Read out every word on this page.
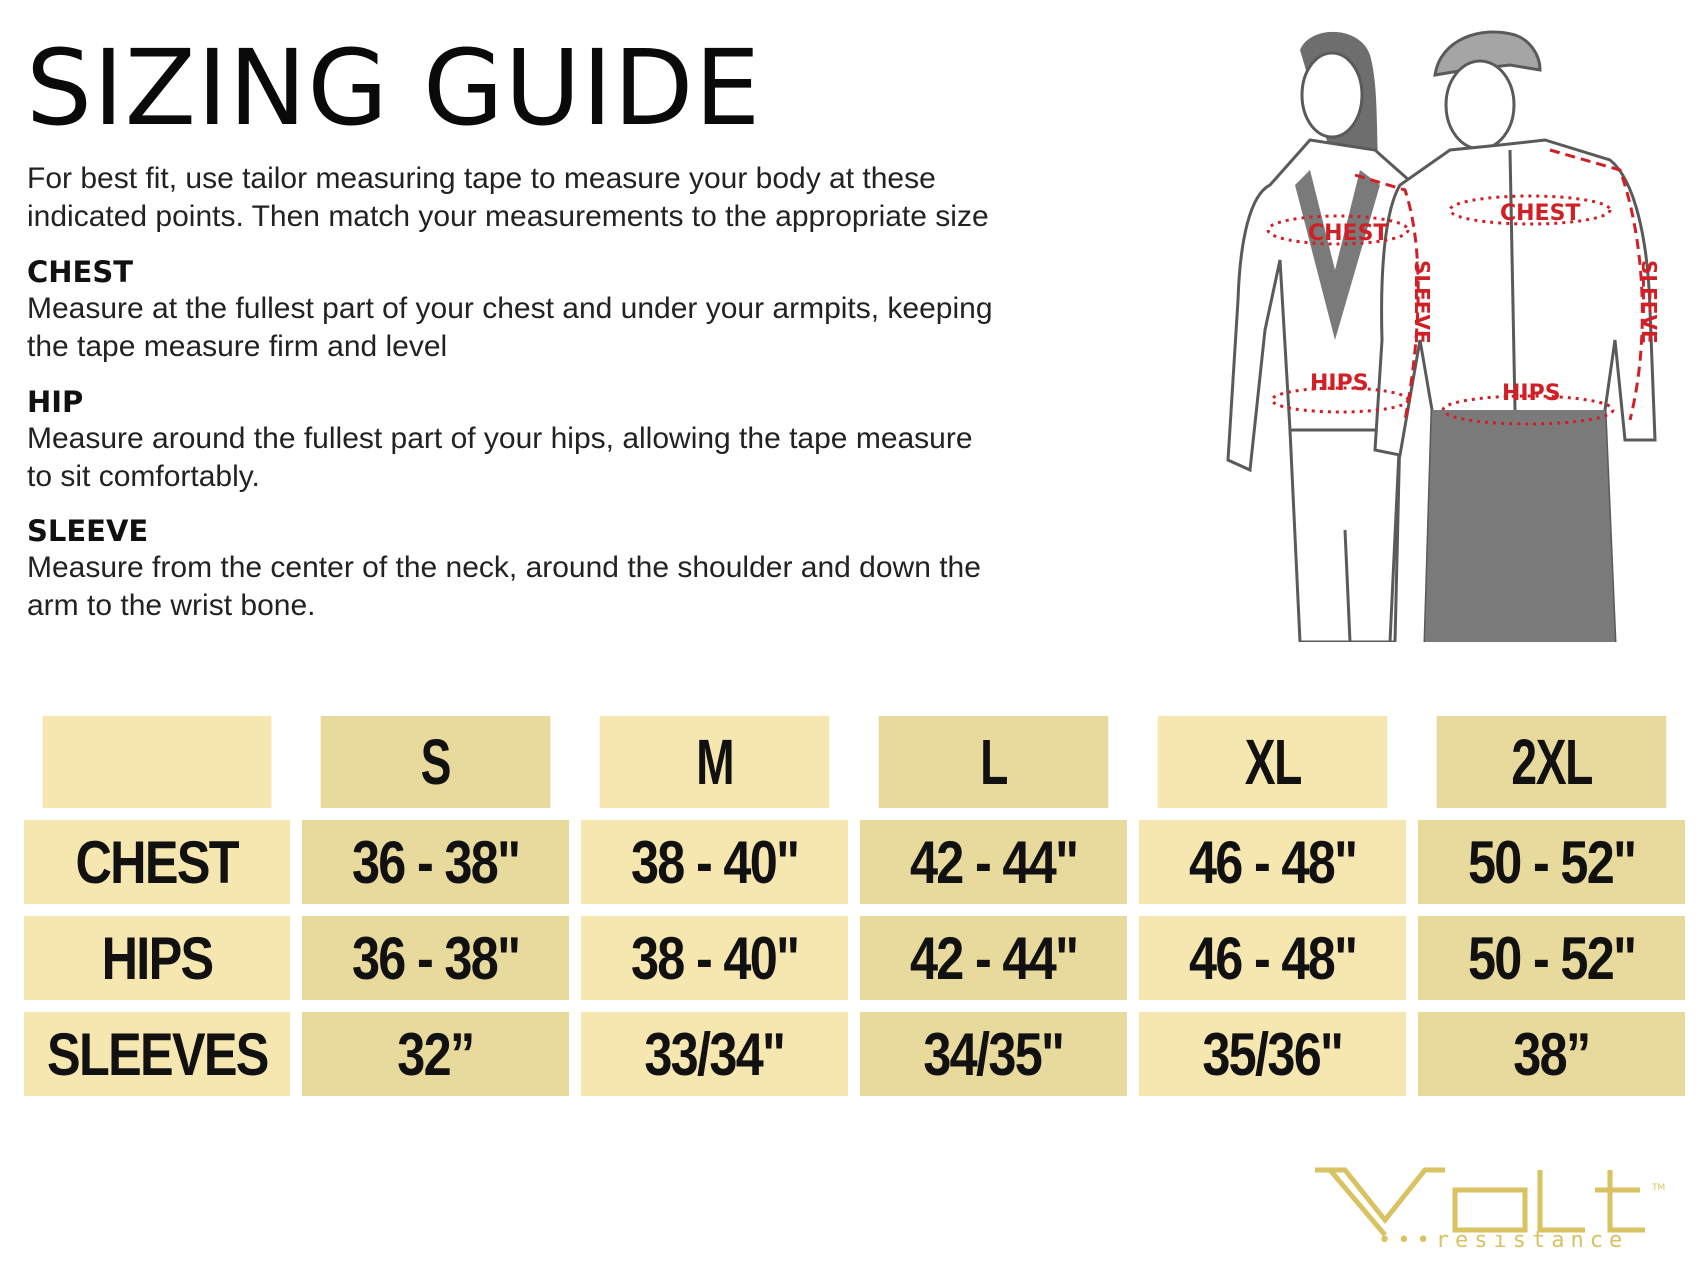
SIZING GUIDE
For best fit, use tailor measuring tape to measure your body at these
indicated points. Then match your measurements to the appropriate size
CHEST

Measure at the fullest part of your chest and under your armpits, keeping
the tape measure firm and level

HIP

Measure around the fullest part of your hips, allowing the tape measure
to sit comfortably.

SLEEVE

Measure from the center of the neck, around the shoulder and down the
arm to the wrist bone.

CHEST
CHEST
HIPS	HIPS
SLEEVE	SLEEVE
	S	M	L	XL	2XL
CHEST	36 - 38"	38 - 40"	42 - 44"	46 - 48"	50 - 52"
HIPS	36 - 38"	38 - 40"	42 - 44"	46 - 48"	50 - 52"
SLEEVES	32”	33/34"	34/35"	35/36"	38”
TM
Volt
•••resistance
